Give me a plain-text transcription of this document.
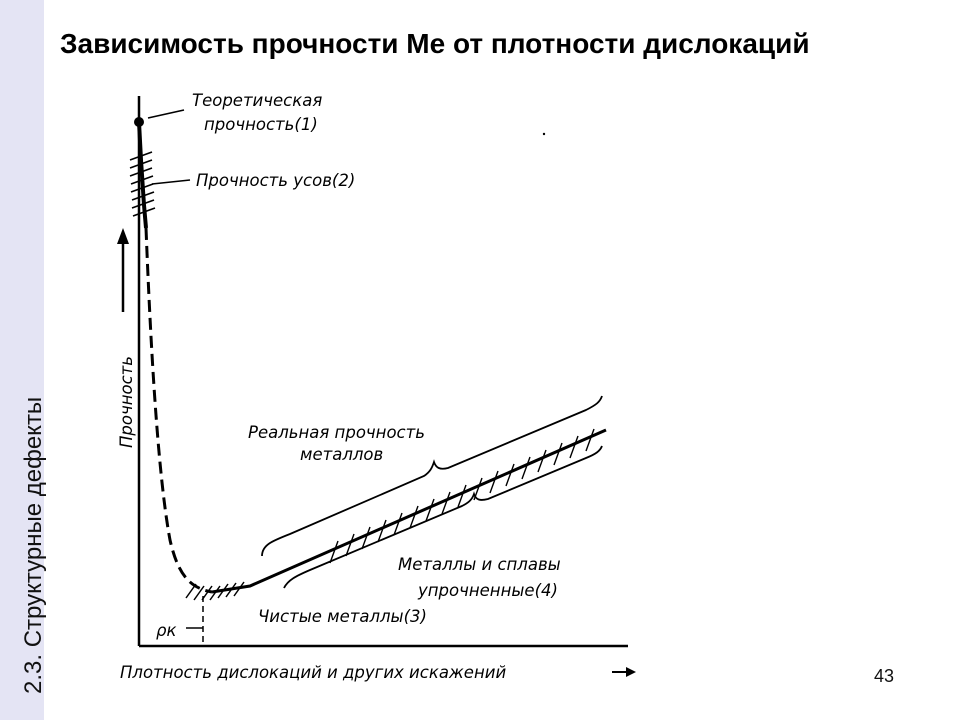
2.3. Структурные дефекты
Зависимость прочности Ме от плотности дислокаций
43
Прочность
Плотность дислокаций и других искажений
ρк
Теоретическая
прочность(1)
Прочность усов(2)
Реальная прочность
металлов
Металлы и сплавы
упрочненные(4)
Чистые металлы(3)
